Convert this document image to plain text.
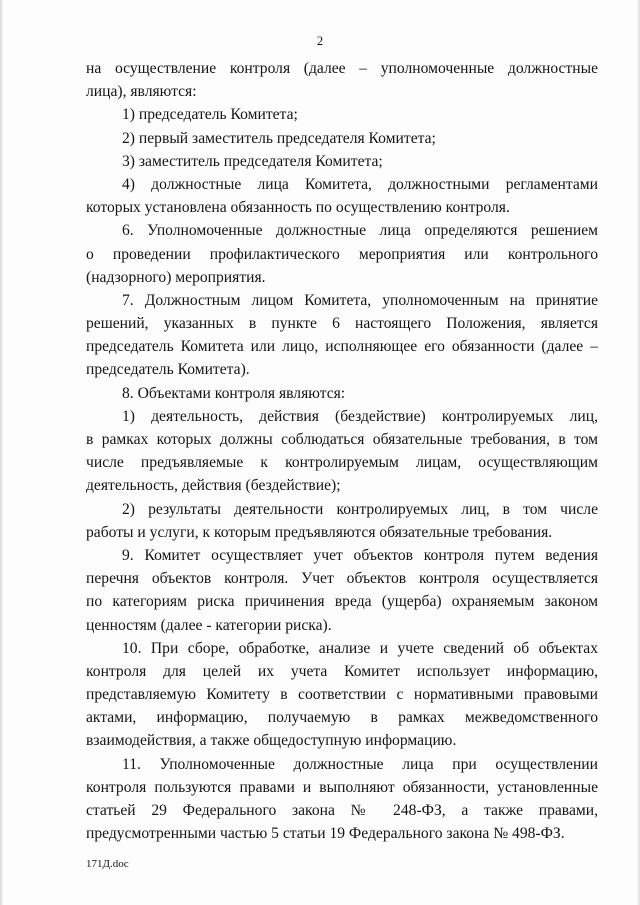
2
на осуществление контроля (далее – уполномоченные должностные
лица), являются:
1) председатель Комитета;
2) первый заместитель председателя Комитета;
3) заместитель председателя Комитета;
4) должностные лица Комитета, должностными регламентами
которых установлена обязанность по осуществлению контроля.
6. Уполномоченные должностные лица определяются решением
о проведении профилактического мероприятия или контрольного
(надзорного) мероприятия.
7. Должностным лицом Комитета, уполномоченным на принятие
решений, указанных в пункте 6 настоящего Положения, является
председатель Комитета или лицо, исполняющее его обязанности (далее –
председатель Комитета).
8. Объектами контроля являются:
1) деятельность, действия (бездействие) контролируемых лиц,
в рамках которых должны соблюдаться обязательные требования, в том
числе предъявляемые к контролируемым лицам, осуществляющим
деятельность, действия (бездействие);
2) результаты деятельности контролируемых лиц, в том числе
работы и услуги, к которым предъявляются обязательные требования.
9. Комитет осуществляет учет объектов контроля путем ведения
перечня объектов контроля. Учет объектов контроля осуществляется
по категориям риска причинения вреда (ущерба) охраняемым законом
ценностям (далее - категории риска).
10. При сборе, обработке, анализе и учете сведений об объектах
контроля для целей их учета Комитет использует информацию,
представляемую Комитету в соответствии с нормативными правовыми
актами, информацию, получаемую в рамках межведомственного
взаимодействия, а также общедоступную информацию.
11. Уполномоченные должностные лица при осуществлении
контроля пользуются правами и выполняют обязанности, установленные
статьей 29 Федерального закона № 248-ФЗ, а также правами,
предусмотренными частью 5 статьи 19 Федерального закона № 498-ФЗ.
171Д.doc
